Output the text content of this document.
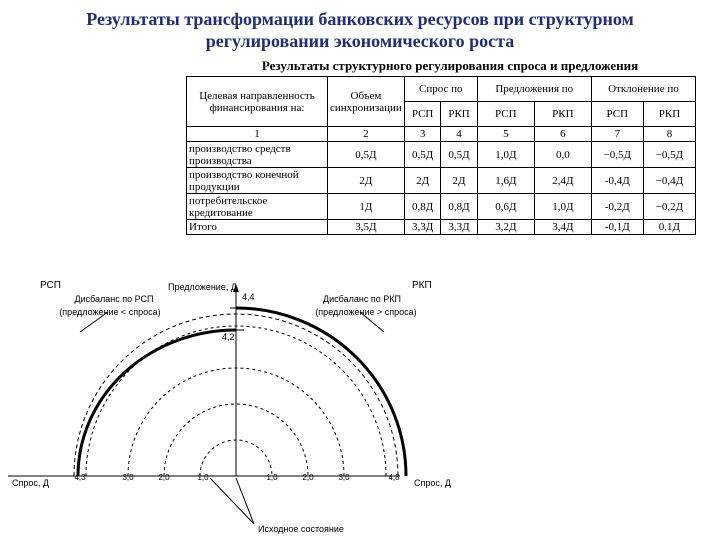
Результаты трансформации банковских ресурсов при структурном
регулировании экономического роста
Результаты структурного регулирования спроса и предложения
Целевая направленность финансирования на:	Объем синхронизации	Спрос по		Предложения по		Отклонение по	
		РСП	РКП	РСП	РКП	РСП	РКП
1	2	3	4	5	6	7	8
производство средств производства	0,5Д	0,5Д	0,5Д	1,0Д	0,0	−0,5Д	−0,5Д
производство конечной продукции	2Д	2Д	2Д	1,6Д	2,4Д	-0,4Д	−0,4Д
потребительское кредитование	1Д	0,8Д	0,8Д	0,6Д	1,0Д	-0,2Д	−0,2Д
Итого	3,5Д	3,3Д	3,3Д	3,2Д	3,4Д	-0,1Д	0,1Д
РСП	РКП
Предложение, Д
4,4
4,2
Дисбаланс по РСП
(предложение < спроса)
Дисбаланс по РКП
(предложение > спроса)
Спрос, Д	Спрос, Д
4,3	3,0	2,0	1,0	1,0	2,0	3,0	4,8
Исходное состояние
